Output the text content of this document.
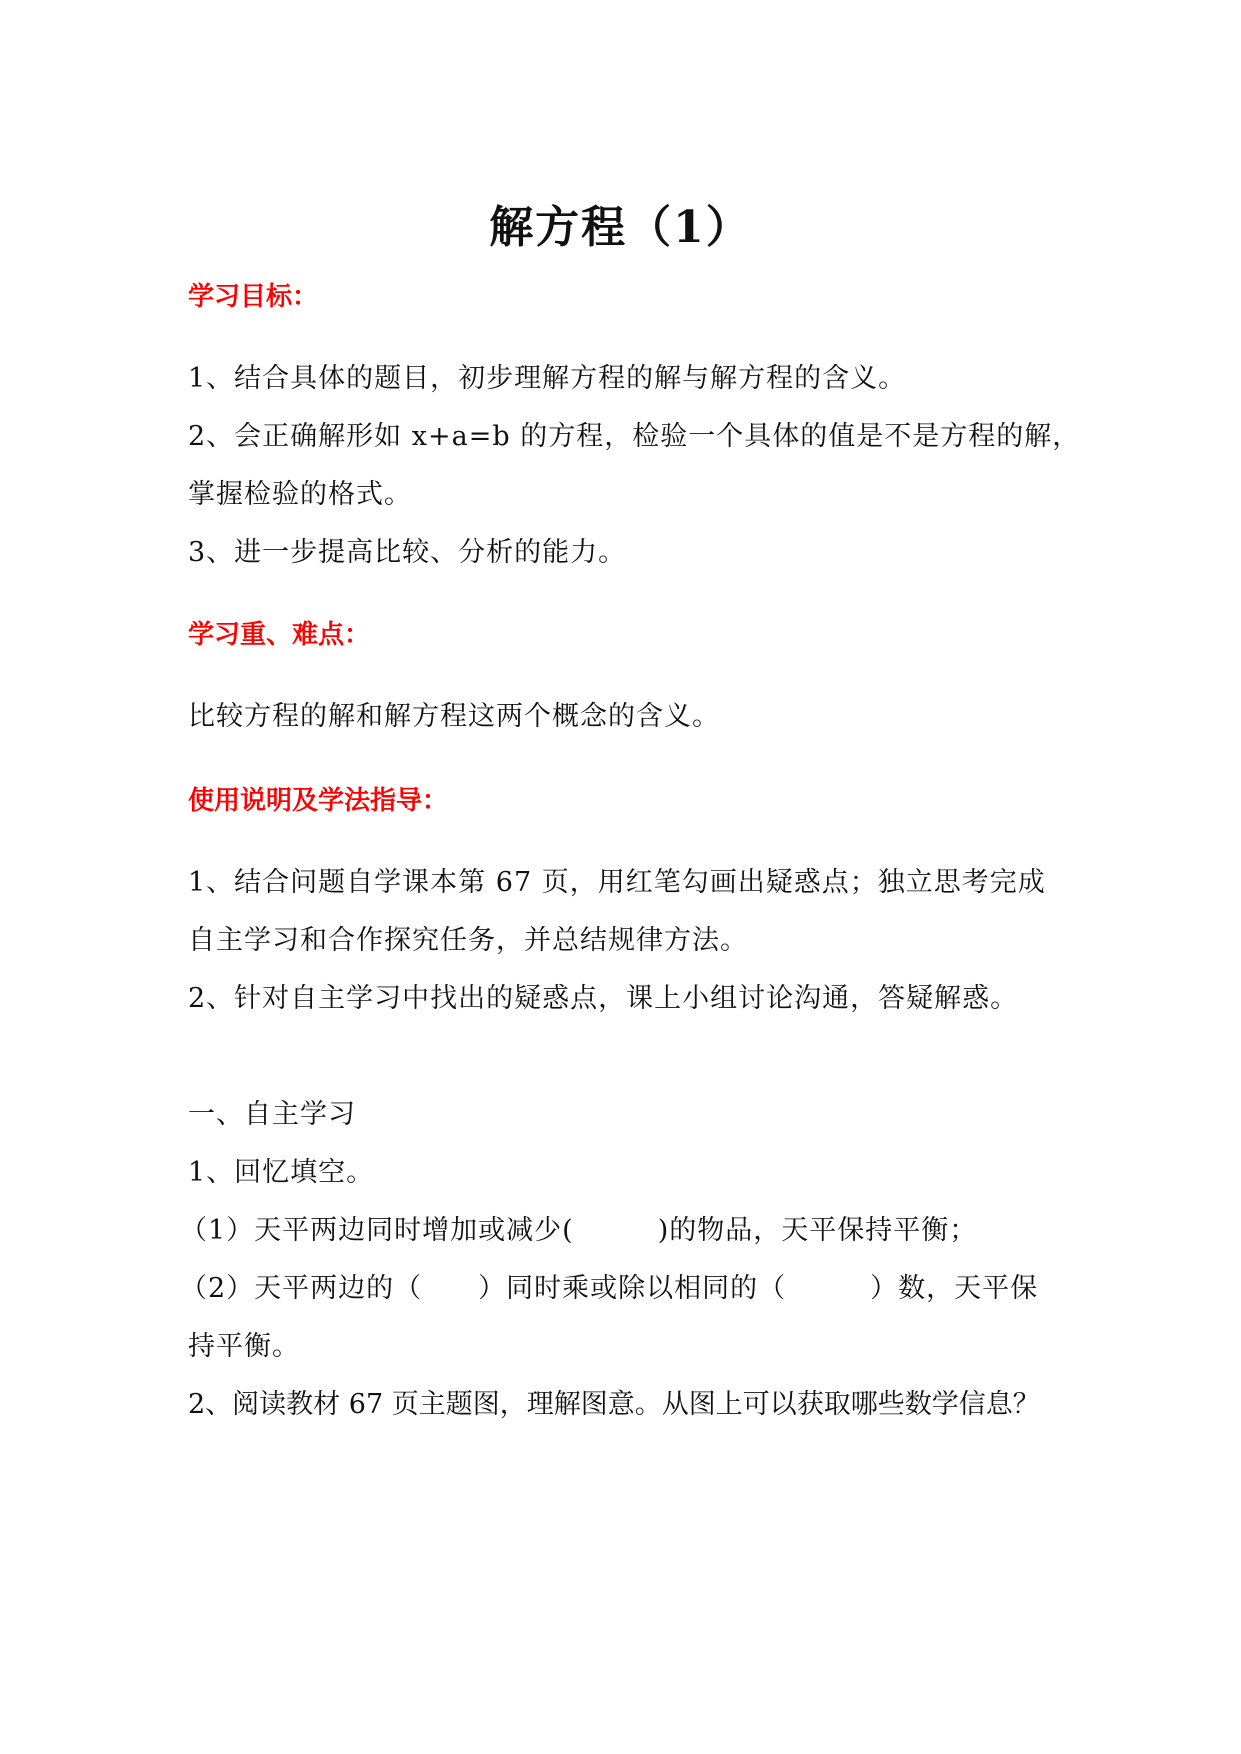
解方程（1）
学习目标：
1、结合具体的题目，初步理解方程的解与解方程的含义。
2、会正确解形如 x+a=b 的方程，检验一个具体的值是不是方程的解，
掌握检验的格式。
3、进一步提高比较、分析的能力。
学习重、难点：
比较方程的解和解方程这两个概念的含义。
使用说明及学法指导：
1、结合问题自学课本第 67 页，用红笔勾画出疑惑点；独立思考完成
自主学习和合作探究任务，并总结规律方法。
2、针对自主学习中找出的疑惑点，课上小组讨论沟通，答疑解惑。
一、自主学习
1、回忆填空。
（1）天平两边同时增加或减少(　　　)的物品，天平保持平衡；
（2）天平两边的（　　）同时乘或除以相同的（　　　）数，天平保
持平衡。
2、阅读教材 67 页主题图，理解图意。从图上可以获取哪些数学信息？
